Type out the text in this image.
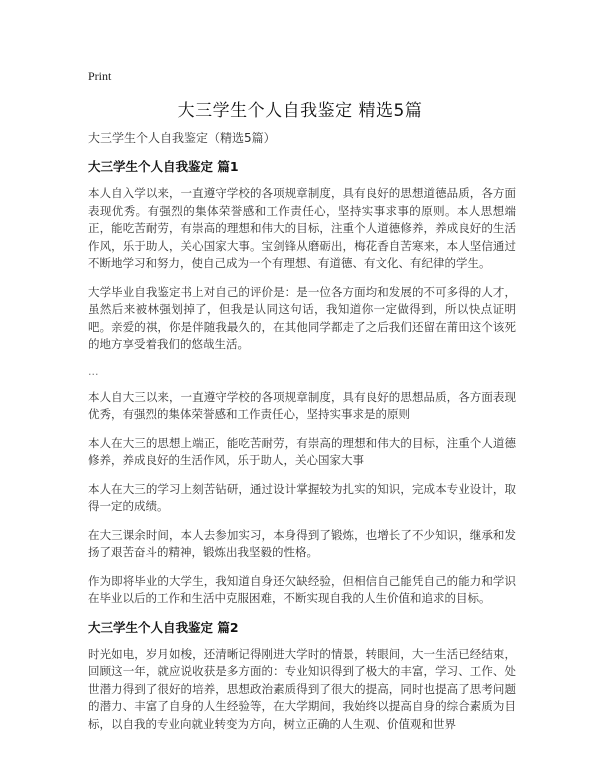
Print
大三学生个人自我鉴定 精选5篇
大三学生个人自我鉴定（精选5篇）
大三学生个人自我鉴定 篇1

本人自入学以来，一直遵守学校的各项规章制度，具有良好的思想道德品质，各方面表现优秀。有强烈的集体荣誉感和工作责任心，坚持实事求事的原则。本人思想端正，能吃苦耐劳，有崇高的理想和伟大的目标，注重个人道德修养，养成良好的生活作风，乐于助人，关心国家大事。宝剑锋从磨砺出，梅花香自苦寒来，本人坚信通过不断地学习和努力，使自己成为一个有理想、有道德、有文化、有纪律的学生。

大学毕业自我鉴定书上对自己的评价是：是一位各方面均和发展的不可多得的人才，虽然后来被林强划掉了，但我是认同这句话，我知道你一定做得到，所以快点证明吧。亲爱的祺，你是伴随我最久的，在其他同学都走了之后我们还留在莆田这个该死的地方享受着我们的悠哉生活。

...

本人自大三以来，一直遵守学校的各项规章制度，具有良好的思想品质，各方面表现优秀，有强烈的集体荣誉感和工作责任心，坚持实事求是的原则

本人在大三的思想上端正，能吃苦耐劳，有崇高的理想和伟大的目标，注重个人道德修养，养成良好的生活作风，乐于助人，关心国家大事

本人在大三的学习上刻苦钻研，通过设计掌握较为扎实的知识，完成本专业设计，取得一定的成绩。

在大三课余时间，本人去参加实习，本身得到了锻炼，也增长了不少知识，继承和发扬了艰苦奋斗的精神，锻炼出我坚毅的性格。

作为即将毕业的大学生，我知道自身还欠缺经验，但相信自己能凭自己的能力和学识在毕业以后的工作和生活中克服困难，不断实现自我的人生价值和追求的目标。

大三学生个人自我鉴定 篇2

时光如电，岁月如梭，还清晰记得刚进大学时的情景，转眼间，大一生活已经结束，回顾这一年，就应说收获是多方面的：专业知识得到了极大的丰富，学习、工作、处世潜力得到了很好的培养，思想政治素质得到了很大的提高，同时也提高了思考问题的潜力、丰富了自身的人生经验等，在大学期间，我始终以提高自身的综合素质为目标，以自我的专业向就业转变为方向，树立正确的人生观、价值观和世界
